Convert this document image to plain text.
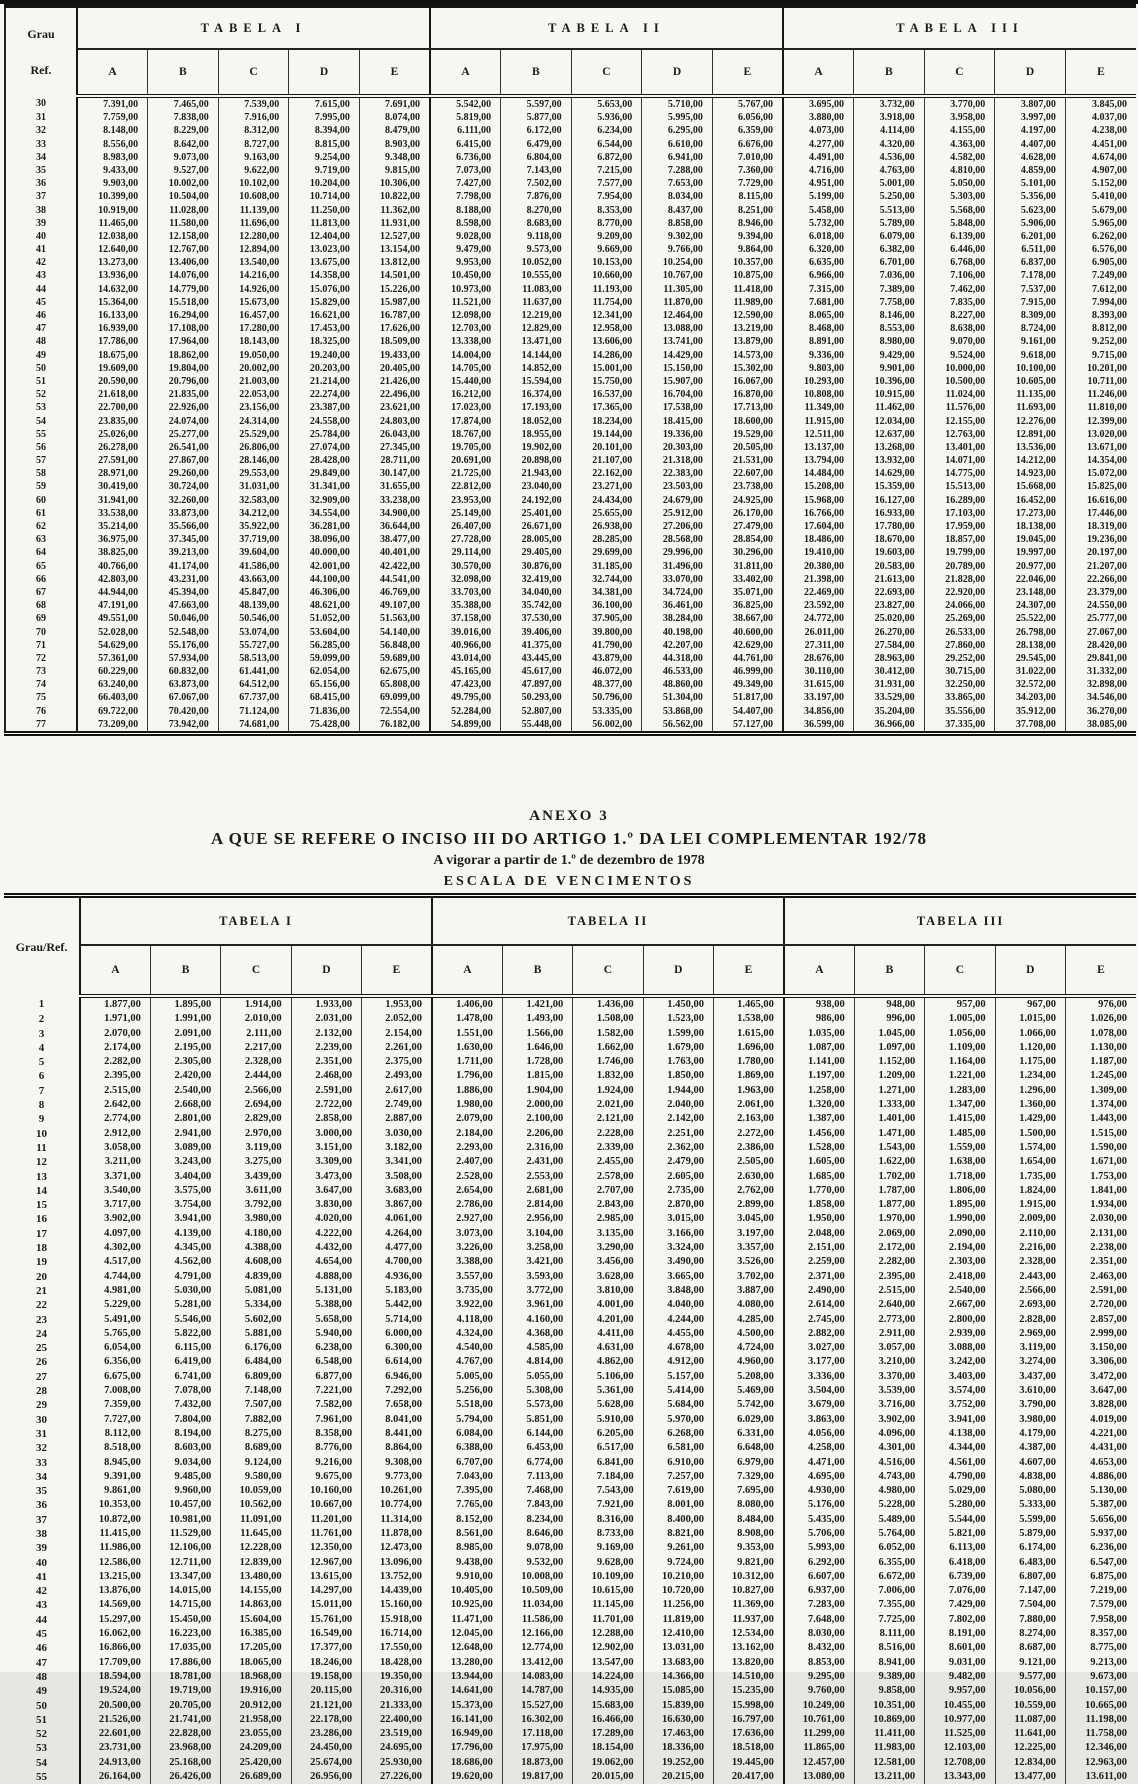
Grau
Ref.	TABELA I					TABELA II					TABELA III				
	A	B	C	D	E	A	B	C	D	E	A	B	C	D	E
30	7.391,00	7.465,00	7.539,00	7.615,00	7.691,00	5.542,00	5.597,00	5.653,00	5.710,00	5.767,00	3.695,00	3.732,00	3.770,00	3.807,00	3.845,00
31	7.759,00	7.838,00	7.916,00	7.995,00	8.074,00	5.819,00	5.877,00	5.936,00	5.995,00	6.056,00	3.880,00	3.918,00	3.958,00	3.997,00	4.037,00
32	8.148,00	8.229,00	8.312,00	8.394,00	8.479,00	6.111,00	6.172,00	6.234,00	6.295,00	6.359,00	4.073,00	4.114,00	4.155,00	4.197,00	4.238,00
33	8.556,00	8.642,00	8.727,00	8.815,00	8.903,00	6.415,00	6.479,00	6.544,00	6.610,00	6.676,00	4.277,00	4.320,00	4.363,00	4.407,00	4.451,00
34	8.983,00	9.073,00	9.163,00	9.254,00	9.348,00	6.736,00	6.804,00	6.872,00	6.941,00	7.010,00	4.491,00	4.536,00	4.582,00	4.628,00	4.674,00
35	9.433,00	9.527,00	9.622,00	9.719,00	9.815,00	7.073,00	7.143,00	7.215,00	7.288,00	7.360,00	4.716,00	4.763,00	4.810,00	4.859,00	4.907,00
36	9.903,00	10.002,00	10.102,00	10.204,00	10.306,00	7.427,00	7.502,00	7.577,00	7.653,00	7.729,00	4.951,00	5.001,00	5.050,00	5.101,00	5.152,00
37	10.399,00	10.504,00	10.608,00	10.714,00	10.822,00	7.798,00	7.876,00	7.954,00	8.034,00	8.115,00	5.199,00	5.250,00	5.303,00	5.356,00	5.410,00
38	10.919,00	11.028,00	11.139,00	11.250,00	11.362,00	8.188,00	8.270,00	8.353,00	8.437,00	8.251,00	5.458,00	5.513,00	5.568,00	5.623,00	5.679,00
39	11.465,00	11.580,00	11.696,00	11.813,00	11.931,00	8.598,00	8.683,00	8.770,00	8.858,00	8.946,00	5.732,00	5.789,00	5.848,00	5.906,00	5.965,00
40	12.038,00	12.158,00	12.280,00	12.404,00	12.527,00	9.028,00	9.118,00	9.209,00	9.302,00	9.394,00	6.018,00	6.079,00	6.139,00	6.201,00	6.262,00
41	12.640,00	12.767,00	12.894,00	13.023,00	13.154,00	9.479,00	9.573,00	9.669,00	9.766,00	9.864,00	6.320,00	6.382,00	6.446,00	6.511,00	6.576,00
42	13.273,00	13.406,00	13.540,00	13.675,00	13.812,00	9.953,00	10.052,00	10.153,00	10.254,00	10.357,00	6.635,00	6.701,00	6.768,00	6.837,00	6.905,00
43	13.936,00	14.076,00	14.216,00	14.358,00	14.501,00	10.450,00	10.555,00	10.660,00	10.767,00	10.875,00	6.966,00	7.036,00	7.106,00	7.178,00	7.249,00
44	14.632,00	14.779,00	14.926,00	15.076,00	15.226,00	10.973,00	11.083,00	11.193,00	11.305,00	11.418,00	7.315,00	7.389,00	7.462,00	7.537,00	7.612,00
45	15.364,00	15.518,00	15.673,00	15.829,00	15.987,00	11.521,00	11.637,00	11.754,00	11.870,00	11.989,00	7.681,00	7.758,00	7.835,00	7.915,00	7.994,00
46	16.133,00	16.294,00	16.457,00	16.621,00	16.787,00	12.098,00	12.219,00	12.341,00	12.464,00	12.590,00	8.065,00	8.146,00	8.227,00	8.309,00	8.393,00
47	16.939,00	17.108,00	17.280,00	17.453,00	17.626,00	12.703,00	12.829,00	12.958,00	13.088,00	13.219,00	8.468,00	8.553,00	8.638,00	8.724,00	8.812,00
48	17.786,00	17.964,00	18.143,00	18.325,00	18.509,00	13.338,00	13.471,00	13.606,00	13.741,00	13.879,00	8.891,00	8.980,00	9.070,00	9.161,00	9.252,00
49	18.675,00	18.862,00	19.050,00	19.240,00	19.433,00	14.004,00	14.144,00	14.286,00	14.429,00	14.573,00	9.336,00	9.429,00	9.524,00	9.618,00	9.715,00
50	19.609,00	19.804,00	20.002,00	20.203,00	20.405,00	14.705,00	14.852,00	15.001,00	15.150,00	15.302,00	9.803,00	9.901,00	10.000,00	10.100,00	10.201,00
51	20.590,00	20.796,00	21.003,00	21.214,00	21.426,00	15.440,00	15.594,00	15.750,00	15.907,00	16.067,00	10.293,00	10.396,00	10.500,00	10.605,00	10.711,00
52	21.618,00	21.835,00	22.053,00	22.274,00	22.496,00	16.212,00	16.374,00	16.537,00	16.704,00	16.870,00	10.808,00	10.915,00	11.024,00	11.135,00	11.246,00
53	22.700,00	22.926,00	23.156,00	23.387,00	23.621,00	17.023,00	17.193,00	17.365,00	17.538,00	17.713,00	11.349,00	11.462,00	11.576,00	11.693,00	11.810,00
54	23.835,00	24.074,00	24.314,00	24.558,00	24.803,00	17.874,00	18.052,00	18.234,00	18.415,00	18.600,00	11.915,00	12.034,00	12.155,00	12.276,00	12.399,00
55	25.026,00	25.277,00	25.529,00	25.784,00	26.043,00	18.767,00	18.955,00	19.144,00	19.336,00	19.529,00	12.511,00	12.637,00	12.763,00	12.891,00	13.020,00
56	26.278,00	26.541,00	26.806,00	27.074,00	27.345,00	19.705,00	19.902,00	20.101,00	20.303,00	20.505,00	13.137,00	13.268,00	13.401,00	13.536,00	13.671,00
57	27.591,00	27.867,00	28.146,00	28.428,00	28.711,00	20.691,00	20.898,00	21.107,00	21.318,00	21.531,00	13.794,00	13.932,00	14.071,00	14.212,00	14.354,00
58	28.971,00	29.260,00	29.553,00	29.849,00	30.147,00	21.725,00	21.943,00	22.162,00	22.383,00	22.607,00	14.484,00	14.629,00	14.775,00	14.923,00	15.072,00
59	30.419,00	30.724,00	31.031,00	31.341,00	31.655,00	22.812,00	23.040,00	23.271,00	23.503,00	23.738,00	15.208,00	15.359,00	15.513,00	15.668,00	15.825,00
60	31.941,00	32.260,00	32.583,00	32.909,00	33.238,00	23.953,00	24.192,00	24.434,00	24.679,00	24.925,00	15.968,00	16.127,00	16.289,00	16.452,00	16.616,00
61	33.538,00	33.873,00	34.212,00	34.554,00	34.900,00	25.149,00	25.401,00	25.655,00	25.912,00	26.170,00	16.766,00	16.933,00	17.103,00	17.273,00	17.446,00
62	35.214,00	35.566,00	35.922,00	36.281,00	36.644,00	26.407,00	26.671,00	26.938,00	27.206,00	27.479,00	17.604,00	17.780,00	17.959,00	18.138,00	18.319,00
63	36.975,00	37.345,00	37.719,00	38.096,00	38.477,00	27.728,00	28.005,00	28.285,00	28.568,00	28.854,00	18.486,00	18.670,00	18.857,00	19.045,00	19.236,00
64	38.825,00	39.213,00	39.604,00	40.000,00	40.401,00	29.114,00	29.405,00	29.699,00	29.996,00	30.296,00	19.410,00	19.603,00	19.799,00	19.997,00	20.197,00
65	40.766,00	41.174,00	41.586,00	42.001,00	42.422,00	30.570,00	30.876,00	31.185,00	31.496,00	31.811,00	20.380,00	20.583,00	20.789,00	20.977,00	21.207,00
66	42.803,00	43.231,00	43.663,00	44.100,00	44.541,00	32.098,00	32.419,00	32.744,00	33.070,00	33.402,00	21.398,00	21.613,00	21.828,00	22.046,00	22.266,00
67	44.944,00	45.394,00	45.847,00	46.306,00	46.769,00	33.703,00	34.040,00	34.381,00	34.724,00	35.071,00	22.469,00	22.693,00	22.920,00	23.148,00	23.379,00
68	47.191,00	47.663,00	48.139,00	48.621,00	49.107,00	35.388,00	35.742,00	36.100,00	36.461,00	36.825,00	23.592,00	23.827,00	24.066,00	24.307,00	24.550,00
69	49.551,00	50.046,00	50.546,00	51.052,00	51.563,00	37.158,00	37.530,00	37.905,00	38.284,00	38.667,00	24.772,00	25.020,00	25.269,00	25.522,00	25.777,00
70	52.028,00	52.548,00	53.074,00	53.604,00	54.140,00	39.016,00	39.406,00	39.800,00	40.198,00	40.600,00	26.011,00	26.270,00	26.533,00	26.798,00	27.067,00
71	54.629,00	55.176,00	55.727,00	56.285,00	56.848,00	40.966,00	41.375,00	41.790,00	42.207,00	42.629,00	27.311,00	27.584,00	27.860,00	28.138,00	28.420,00
72	57.361,00	57.934,00	58.513,00	59.099,00	59.689,00	43.014,00	43.445,00	43.879,00	44.318,00	44.761,00	28.676,00	28.963,00	29.252,00	29.545,00	29.841,00
73	60.229,00	60.832,00	61.441,00	62.054,00	62.675,00	45.165,00	45.617,00	46.072,00	46.533,00	46.999,00	30.110,00	30.412,00	30.715,00	31.022,00	31.332,00
74	63.240,00	63.873,00	64.512,00	65.156,00	65.808,00	47.423,00	47.897,00	48.377,00	48.860,00	49.349,00	31.615,00	31.931,00	32.250,00	32.572,00	32.898,00
75	66.403,00	67.067,00	67.737,00	68.415,00	69.099,00	49.795,00	50.293,00	50.796,00	51.304,00	51.817,00	33.197,00	33.529,00	33.865,00	34.203,00	34.546,00
76	69.722,00	70.420,00	71.124,00	71.836,00	72.554,00	52.284,00	52.807,00	53.335,00	53.868,00	54.407,00	34.856,00	35.204,00	35.556,00	35.912,00	36.270,00
77	73.209,00	73.942,00	74.681,00	75.428,00	76.182,00	54.899,00	55.448,00	56.002,00	56.562,00	57.127,00	36.599,00	36.966,00	37.335,00	37.708,00	38.085,00
ANEXO 3
A QUE SE REFERE O INCISO III DO ARTIGO 1.º DA LEI COMPLEMENTAR 192/78
A vigorar a partir de 1.º de dezembro de 1978
ESCALA DE VENCIMENTOS
Grau/Ref.	TABELA I					TABELA II					TABELA III				
	A	B	C	D	E	A	B	C	D	E	A	B	C	D	E
1	1.877,00	1.895,00	1.914,00	1.933,00	1.953,00	1.406,00	1.421,00	1.436,00	1.450,00	1.465,00	938,00	948,00	957,00	967,00	976,00
2	1.971,00	1.991,00	2.010,00	2.031,00	2.052,00	1.478,00	1.493,00	1.508,00	1.523,00	1.538,00	986,00	996,00	1.005,00	1.015,00	1.026,00
3	2.070,00	2.091,00	2.111,00	2.132,00	2.154,00	1.551,00	1.566,00	1.582,00	1.599,00	1.615,00	1.035,00	1.045,00	1.056,00	1.066,00	1.078,00
4	2.174,00	2.195,00	2.217,00	2.239,00	2.261,00	1.630,00	1.646,00	1.662,00	1.679,00	1.696,00	1.087,00	1.097,00	1.109,00	1.120,00	1.130,00
5	2.282,00	2.305,00	2.328,00	2.351,00	2.375,00	1.711,00	1.728,00	1.746,00	1.763,00	1.780,00	1.141,00	1.152,00	1.164,00	1.175,00	1.187,00
6	2.395,00	2.420,00	2.444,00	2.468,00	2.493,00	1.796,00	1.815,00	1.832,00	1.850,00	1.869,00	1.197,00	1.209,00	1.221,00	1.234,00	1.245,00
7	2.515,00	2.540,00	2.566,00	2.591,00	2.617,00	1.886,00	1.904,00	1.924,00	1.944,00	1.963,00	1.258,00	1.271,00	1.283,00	1.296,00	1.309,00
8	2.642,00	2.668,00	2.694,00	2.722,00	2.749,00	1.980,00	2.000,00	2.021,00	2.040,00	2.061,00	1.320,00	1.333,00	1.347,00	1.360,00	1.374,00
9	2.774,00	2.801,00	2.829,00	2.858,00	2.887,00	2.079,00	2.100,00	2.121,00	2.142,00	2.163,00	1.387,00	1.401,00	1.415,00	1.429,00	1.443,00
10	2.912,00	2.941,00	2.970,00	3.000,00	3.030,00	2.184,00	2.206,00	2.228,00	2.251,00	2.272,00	1.456,00	1.471,00	1.485,00	1.500,00	1.515,00
11	3.058,00	3.089,00	3.119,00	3.151,00	3.182,00	2.293,00	2.316,00	2.339,00	2.362,00	2.386,00	1.528,00	1.543,00	1.559,00	1.574,00	1.590,00
12	3.211,00	3.243,00	3.275,00	3.309,00	3.341,00	2.407,00	2.431,00	2.455,00	2.479,00	2.505,00	1.605,00	1.622,00	1.638,00	1.654,00	1.671,00
13	3.371,00	3.404,00	3.439,00	3.473,00	3.508,00	2.528,00	2.553,00	2.578,00	2.605,00	2.630,00	1.685,00	1.702,00	1.718,00	1.735,00	1.753,00
14	3.540,00	3.575,00	3.611,00	3.647,00	3.683,00	2.654,00	2.681,00	2.707,00	2.735,00	2.762,00	1.770,00	1.787,00	1.806,00	1.824,00	1.841,00
15	3.717,00	3.754,00	3.792,00	3.830,00	3.867,00	2.786,00	2.814,00	2.843,00	2.870,00	2.899,00	1.858,00	1.877,00	1.895,00	1.915,00	1.934,00
16	3.902,00	3.941,00	3.980,00	4.020,00	4.061,00	2.927,00	2.956,00	2.985,00	3.015,00	3.045,00	1.950,00	1.970,00	1.990,00	2.009,00	2.030,00
17	4.097,00	4.139,00	4.180,00	4.222,00	4.264,00	3.073,00	3.104,00	3.135,00	3.166,00	3.197,00	2.048,00	2.069,00	2.090,00	2.110,00	2.131,00
18	4.302,00	4.345,00	4.388,00	4.432,00	4.477,00	3.226,00	3.258,00	3.290,00	3.324,00	3.357,00	2.151,00	2.172,00	2.194,00	2.216,00	2.238,00
19	4.517,00	4.562,00	4.608,00	4.654,00	4.700,00	3.388,00	3.421,00	3.456,00	3.490,00	3.526,00	2.259,00	2.282,00	2.303,00	2.328,00	2.351,00
20	4.744,00	4.791,00	4.839,00	4.888,00	4.936,00	3.557,00	3.593,00	3.628,00	3.665,00	3.702,00	2.371,00	2.395,00	2.418,00	2.443,00	2.463,00
21	4.981,00	5.030,00	5.081,00	5.131,00	5.183,00	3.735,00	3.772,00	3.810,00	3.848,00	3.887,00	2.490,00	2.515,00	2.540,00	2.566,00	2.591,00
22	5.229,00	5.281,00	5.334,00	5.388,00	5.442,00	3.922,00	3.961,00	4.001,00	4.040,00	4.080,00	2.614,00	2.640,00	2.667,00	2.693,00	2.720,00
23	5.491,00	5.546,00	5.602,00	5.658,00	5.714,00	4.118,00	4.160,00	4.201,00	4.244,00	4.285,00	2.745,00	2.773,00	2.800,00	2.828,00	2.857,00
24	5.765,00	5.822,00	5.881,00	5.940,00	6.000,00	4.324,00	4.368,00	4.411,00	4.455,00	4.500,00	2.882,00	2.911,00	2.939,00	2.969,00	2.999,00
25	6.054,00	6.115,00	6.176,00	6.238,00	6.300,00	4.540,00	4.585,00	4.631,00	4.678,00	4.724,00	3.027,00	3.057,00	3.088,00	3.119,00	3.150,00
26	6.356,00	6.419,00	6.484,00	6.548,00	6.614,00	4.767,00	4.814,00	4.862,00	4.912,00	4.960,00	3.177,00	3.210,00	3.242,00	3.274,00	3.306,00
27	6.675,00	6.741,00	6.809,00	6.877,00	6.946,00	5.005,00	5.055,00	5.106,00	5.157,00	5.208,00	3.336,00	3.370,00	3.403,00	3.437,00	3.472,00
28	7.008,00	7.078,00	7.148,00	7.221,00	7.292,00	5.256,00	5.308,00	5.361,00	5.414,00	5.469,00	3.504,00	3.539,00	3.574,00	3.610,00	3.647,00
29	7.359,00	7.432,00	7.507,00	7.582,00	7.658,00	5.518,00	5.573,00	5.628,00	5.684,00	5.742,00	3.679,00	3.716,00	3.752,00	3.790,00	3.828,00
30	7.727,00	7.804,00	7.882,00	7.961,00	8.041,00	5.794,00	5.851,00	5.910,00	5.970,00	6.029,00	3.863,00	3.902,00	3.941,00	3.980,00	4.019,00
31	8.112,00	8.194,00	8.275,00	8.358,00	8.441,00	6.084,00	6.144,00	6.205,00	6.268,00	6.331,00	4.056,00	4.096,00	4.138,00	4.179,00	4.221,00
32	8.518,00	8.603,00	8.689,00	8.776,00	8.864,00	6.388,00	6.453,00	6.517,00	6.581,00	6.648,00	4.258,00	4.301,00	4.344,00	4.387,00	4.431,00
33	8.945,00	9.034,00	9.124,00	9.216,00	9.308,00	6.707,00	6.774,00	6.841,00	6.910,00	6.979,00	4.471,00	4.516,00	4.561,00	4.607,00	4.653,00
34	9.391,00	9.485,00	9.580,00	9.675,00	9.773,00	7.043,00	7.113,00	7.184,00	7.257,00	7.329,00	4.695,00	4.743,00	4.790,00	4.838,00	4.886,00
35	9.861,00	9.960,00	10.059,00	10.160,00	10.261,00	7.395,00	7.468,00	7.543,00	7.619,00	7.695,00	4.930,00	4.980,00	5.029,00	5.080,00	5.130,00
36	10.353,00	10.457,00	10.562,00	10.667,00	10.774,00	7.765,00	7.843,00	7.921,00	8.001,00	8.080,00	5.176,00	5.228,00	5.280,00	5.333,00	5.387,00
37	10.872,00	10.981,00	11.091,00	11.201,00	11.314,00	8.152,00	8.234,00	8.316,00	8.400,00	8.484,00	5.435,00	5.489,00	5.544,00	5.599,00	5.656,00
38	11.415,00	11.529,00	11.645,00	11.761,00	11.878,00	8.561,00	8.646,00	8.733,00	8.821,00	8.908,00	5.706,00	5.764,00	5.821,00	5.879,00	5.937,00
39	11.986,00	12.106,00	12.228,00	12.350,00	12.473,00	8.985,00	9.078,00	9.169,00	9.261,00	9.353,00	5.993,00	6.052,00	6.113,00	6.174,00	6.236,00
40	12.586,00	12.711,00	12.839,00	12.967,00	13.096,00	9.438,00	9.532,00	9.628,00	9.724,00	9.821,00	6.292,00	6.355,00	6.418,00	6.483,00	6.547,00
41	13.215,00	13.347,00	13.480,00	13.615,00	13.752,00	9.910,00	10.008,00	10.109,00	10.210,00	10.312,00	6.607,00	6.672,00	6.739,00	6.807,00	6.875,00
42	13.876,00	14.015,00	14.155,00	14.297,00	14.439,00	10.405,00	10.509,00	10.615,00	10.720,00	10.827,00	6.937,00	7.006,00	7.076,00	7.147,00	7.219,00
43	14.569,00	14.715,00	14.863,00	15.011,00	15.160,00	10.925,00	11.034,00	11.145,00	11.256,00	11.369,00	7.283,00	7.355,00	7.429,00	7.504,00	7.579,00
44	15.297,00	15.450,00	15.604,00	15.761,00	15.918,00	11.471,00	11.586,00	11.701,00	11.819,00	11.937,00	7.648,00	7.725,00	7.802,00	7.880,00	7.958,00
45	16.062,00	16.223,00	16.385,00	16.549,00	16.714,00	12.045,00	12.166,00	12.288,00	12.410,00	12.534,00	8.030,00	8.111,00	8.191,00	8.274,00	8.357,00
46	16.866,00	17.035,00	17.205,00	17.377,00	17.550,00	12.648,00	12.774,00	12.902,00	13.031,00	13.162,00	8.432,00	8.516,00	8.601,00	8.687,00	8.775,00
47	17.709,00	17.886,00	18.065,00	18.246,00	18.428,00	13.280,00	13.412,00	13.547,00	13.683,00	13.820,00	8.853,00	8.941,00	9.031,00	9.121,00	9.213,00
48	18.594,00	18.781,00	18.968,00	19.158,00	19.350,00	13.944,00	14.083,00	14.224,00	14.366,00	14.510,00	9.295,00	9.389,00	9.482,00	9.577,00	9.673,00
49	19.524,00	19.719,00	19.916,00	20.115,00	20.316,00	14.641,00	14.787,00	14.935,00	15.085,00	15.235,00	9.760,00	9.858,00	9.957,00	10.056,00	10.157,00
50	20.500,00	20.705,00	20.912,00	21.121,00	21.333,00	15.373,00	15.527,00	15.683,00	15.839,00	15.998,00	10.249,00	10.351,00	10.455,00	10.559,00	10.665,00
51	21.526,00	21.741,00	21.958,00	22.178,00	22.400,00	16.141,00	16.302,00	16.466,00	16.630,00	16.797,00	10.761,00	10.869,00	10.977,00	11.087,00	11.198,00
52	22.601,00	22.828,00	23.055,00	23.286,00	23.519,00	16.949,00	17.118,00	17.289,00	17.463,00	17.636,00	11.299,00	11.411,00	11.525,00	11.641,00	11.758,00
53	23.731,00	23.968,00	24.209,00	24.450,00	24.695,00	17.796,00	17.975,00	18.154,00	18.336,00	18.518,00	11.865,00	11.983,00	12.103,00	12.225,00	12.346,00
54	24.913,00	25.168,00	25.420,00	25.674,00	25.930,00	18.686,00	18.873,00	19.062,00	19.252,00	19.445,00	12.457,00	12.581,00	12.708,00	12.834,00	12.963,00
55	26.164,00	26.426,00	26.689,00	26.956,00	27.226,00	19.620,00	19.817,00	20.015,00	20.215,00	20.417,00	13.080,00	13.211,00	13.343,00	13.477,00	13.611,00
